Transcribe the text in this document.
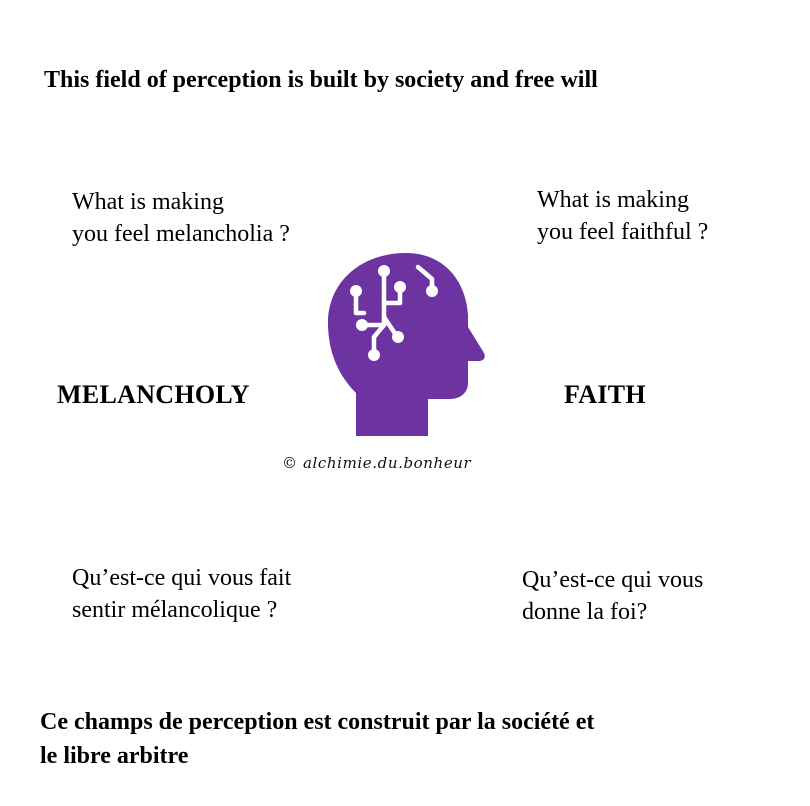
This field of perception is built by society and free will
What is making
you feel melancholia ?
What is making
you feel faithful ?
MELANCHOLY	FAITH
© alchimie.du.bonheur
Qu’est-ce qui vous fait
sentir mélancolique ?
Qu’est-ce qui vous
donne la foi?
Ce champs de perception est construit par la société et
le libre arbitre
